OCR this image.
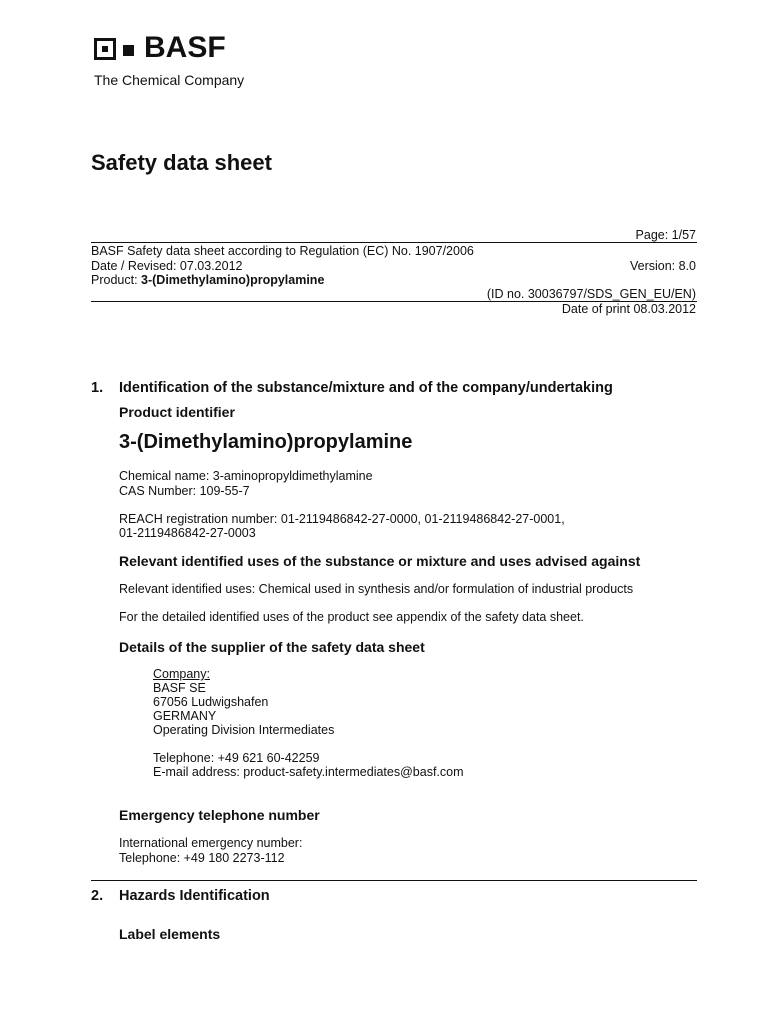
BASF
The Chemical Company
Safety data sheet
Page: 1/57
BASF Safety data sheet according to Regulation (EC) No. 1907/2006
Date / Revised: 07.03.2012	Version: 8.0
Product: 3-(Dimethylamino)propylamine
(ID no. 30036797/SDS_GEN_EU/EN)
Date of print 08.03.2012
1. Identification of the substance/mixture and of the company/undertaking
Product identifier
3-(Dimethylamino)propylamine
Chemical name: 3-aminopropyldimethylamine
CAS Number: 109-55-7
REACH registration number: 01-2119486842-27-0000, 01-2119486842-27-0001,
01-2119486842-27-0003
Relevant identified uses of the substance or mixture and uses advised against
Relevant identified uses: Chemical used in synthesis and/or formulation of industrial products
For the detailed identified uses of the product see appendix of the safety data sheet.
Details of the supplier of the safety data sheet
Company:
BASF SE
67056 Ludwigshafen
GERMANY
Operating Division Intermediates
Telephone: +49 621 60-42259
E-mail address: product-safety.intermediates@basf.com
Emergency telephone number
International emergency number:
Telephone: +49 180 2273-112
2. Hazards Identification
Label elements
